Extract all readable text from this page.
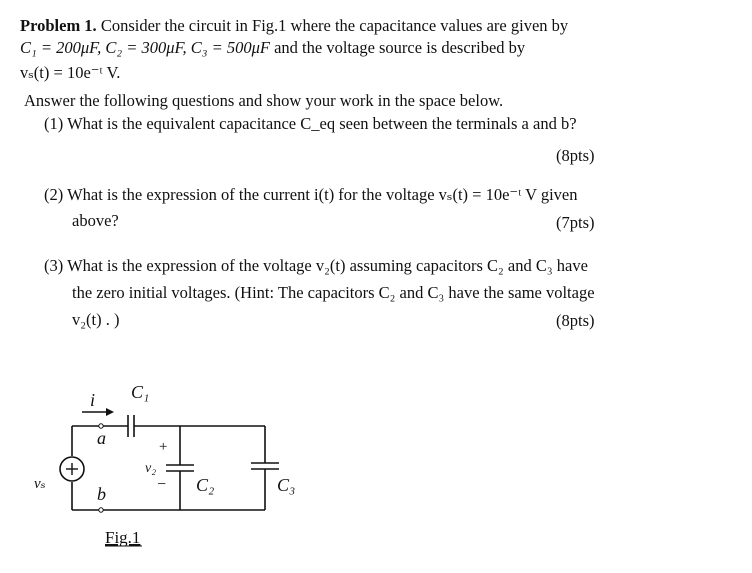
Problem 1. Consider the circuit in Fig.1 where the capacitance values are given by
C₁ = 200μF, C₂ = 300μF, C₃ = 500μF and the voltage source is described by
vₛ(t) = 10e⁻ᵗ V.
Answer the following questions and show your work in the space below.
(1) What is the equivalent capacitance C_eq seen between the terminals a and b?
(8pts)
(2) What is the expression of the current i(t) for the voltage vₛ(t) = 10e⁻ᵗ V given
above?	(7pts)
(3) What is the expression of the voltage v₂(t) assuming capacitors C₂ and C₃ have
the zero initial voltages. (Hint: The capacitors C₂ and C₃ have the same voltage
v₂(t) . )	(8pts)
i
a
b
vₛ
C₁
C₂	C₃
v₂
+
−
Fig.1
